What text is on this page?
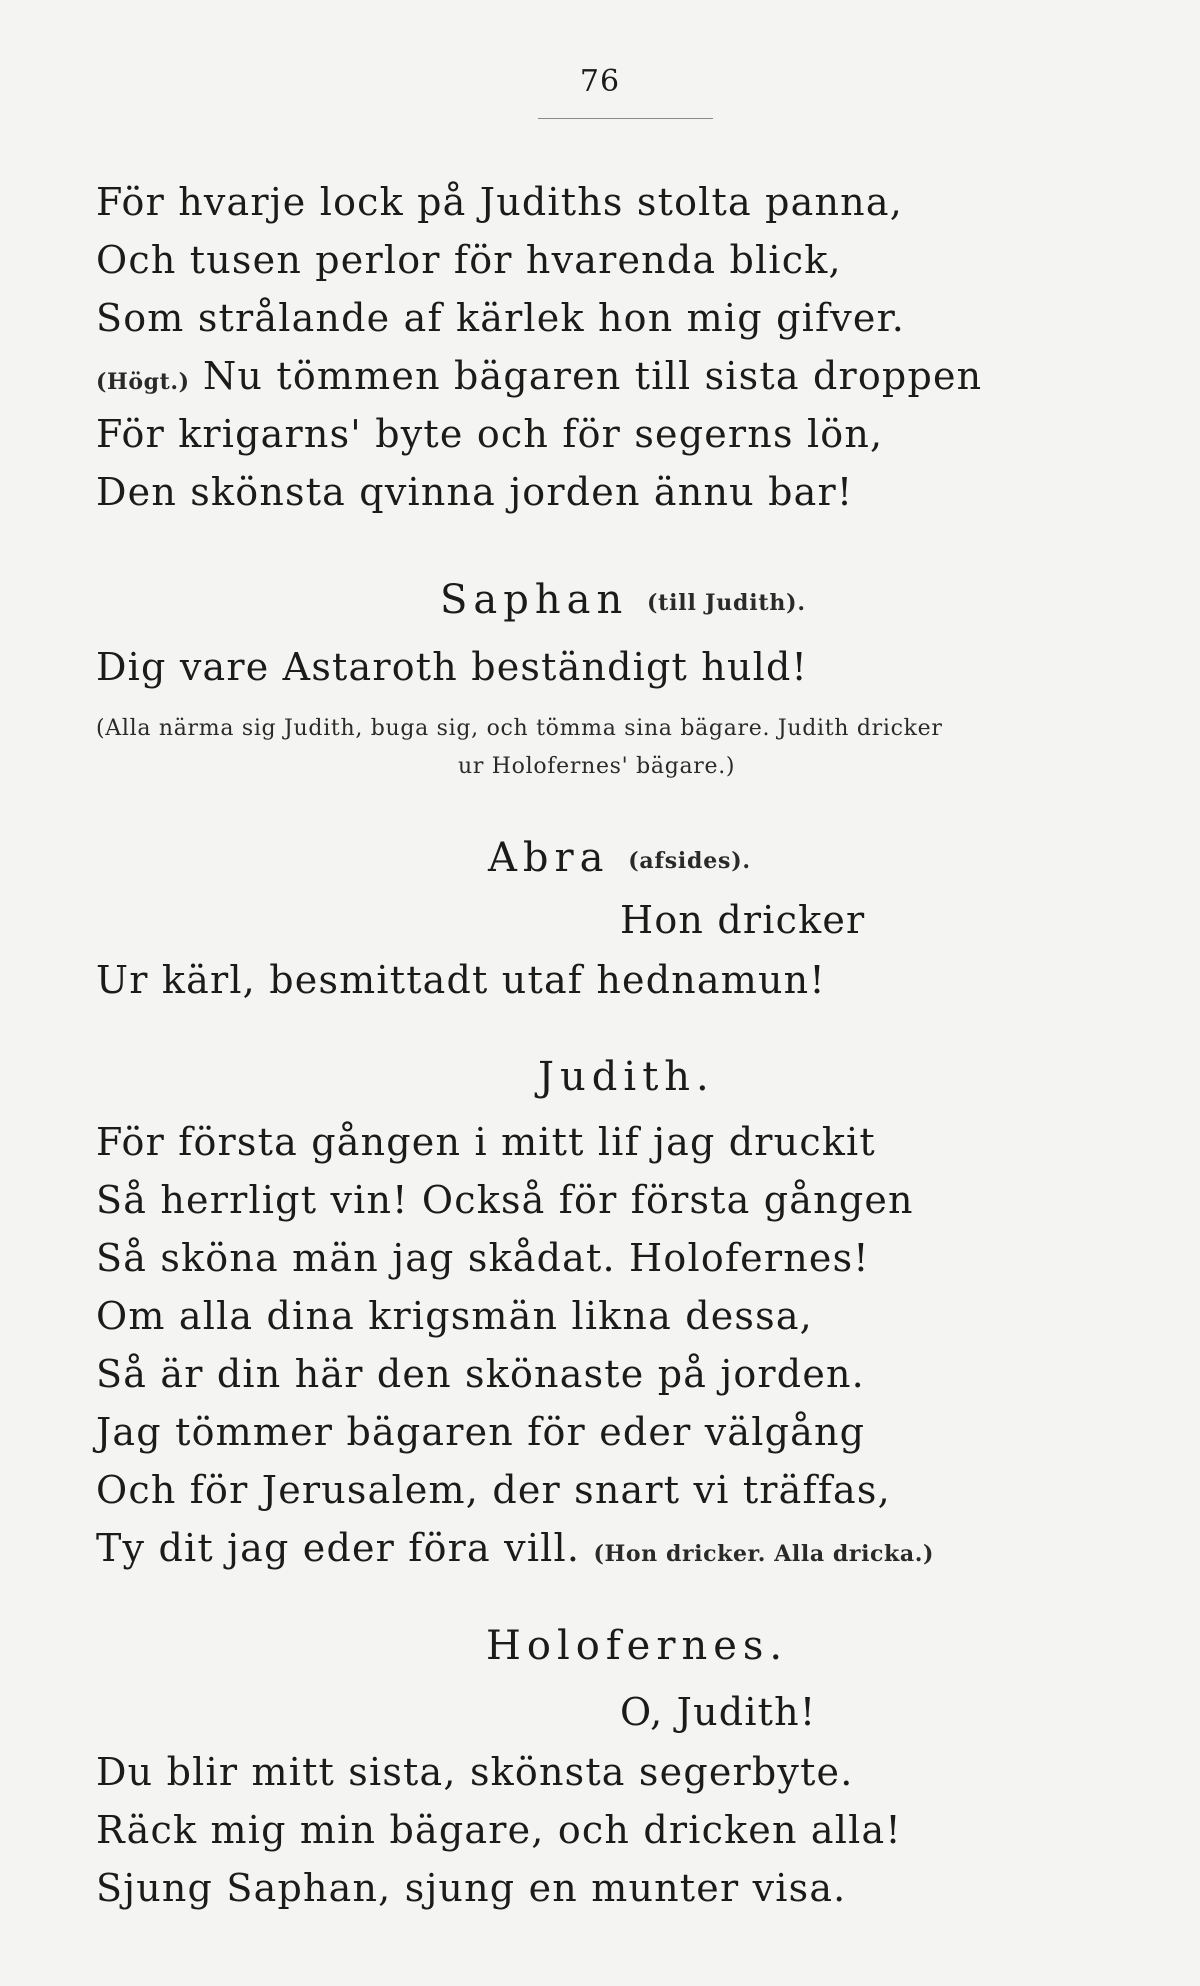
76
För hvarje lock på Judiths stolta panna,
Och tusen perlor för hvarenda blick,
Som strålande af kärlek hon mig gifver.
(Högt.) Nu tömmen bägaren till sista droppen
För krigarns' byte och för segerns lön,
Den skönsta qvinna jorden ännu bar!
Saphan (till Judith).
Dig vare Astaroth beständigt huld!
(Alla närma sig Judith, buga sig, och tömma sina bägare. Judith dricker
ur Holofernes' bägare.)
Abra (afsides).
Hon dricker
Ur kärl, besmittadt utaf hednamun!
Judith.
För första gången i mitt lif jag druckit
Så herrligt vin! Också för första gången
Så sköna män jag skådat. Holofernes!
Om alla dina krigsmän likna dessa,
Så är din här den skönaste på jorden.
Jag tömmer bägaren för eder välgång
Och för Jerusalem, der snart vi träffas,
Ty dit jag eder föra vill. (Hon dricker. Alla dricka.)
Holofernes.
O, Judith!
Du blir mitt sista, skönsta segerbyte.
Räck mig min bägare, och dricken alla!
Sjung Saphan, sjung en munter visa.
